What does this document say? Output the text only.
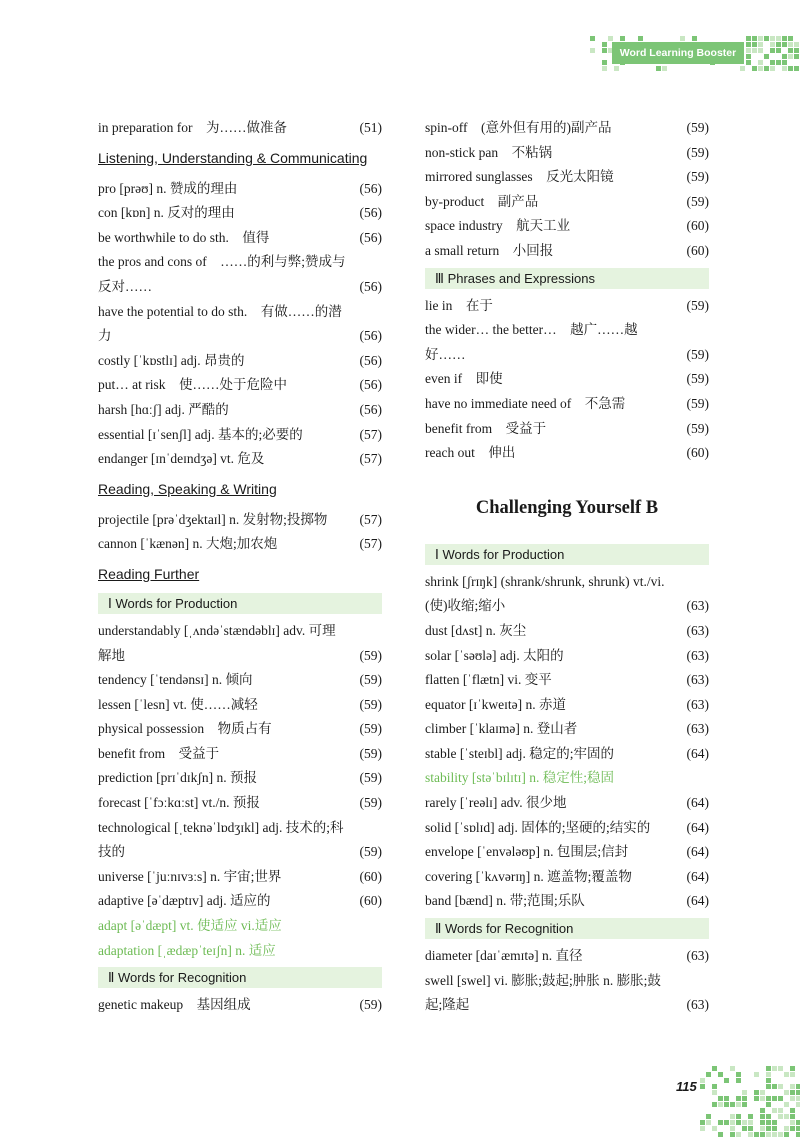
Word Learning Booster
in preparation for　为……做准备	(51)
Listening, Understanding & Communicating
pro [prəʊ] n. 赞成的理由	(56)
con [kɒn] n. 反对的理由	(56)
be worthwhile to do sth.　值得	(56)
the pros and cons of　……的利与弊;赞成与反对……	(56)
have the potential to do sth.　有做……的潜力	(56)
costly [ˈkɒstlɪ] adj. 昂贵的	(56)
put… at risk　使……处于危险中	(56)
harsh [hɑːʃ] adj. 严酷的	(56)
essential [ɪˈsenʃl] adj. 基本的;必要的	(57)
endanger [ɪnˈdeɪndʒə] vt. 危及	(57)
Reading, Speaking & Writing
projectile [prəˈdʒektaɪl] n. 发射物;投掷物 (57)
cannon [ˈkænən] n. 大炮;加农炮	(57)
Reading Further
Ⅰ Words for Production
understandably [ˌʌndəˈstændəblɪ] adv. 可理解地	(59)
tendency [ˈtendənsɪ] n. 倾向	(59)
lessen [ˈlesn] vt. 使……减轻	(59)
physical possession　物质占有	(59)
benefit from　受益于	(59)
prediction [prɪˈdɪkʃn] n. 预报	(59)
forecast [ˈfɔːkɑːst] vt./n. 预报	(59)
technological [ˌteknəˈlɒdʒɪkl] adj. 技术的;科技的	(59)
universe [ˈjuːnɪvɜːs] n. 宇宙;世界	(60)
adaptive [əˈdæptɪv] adj. 适应的	(60)
adapt [əˈdæpt] vt. 使适应 vi.适应
adaptation [ˌædæpˈteɪʃn] n. 适应
Ⅱ Words for Recognition
genetic makeup　基因组成	(59)
spin-off　(意外但有用的)副产品	(59)
non-stick pan　不粘锅	(59)
mirrored sunglasses　反光太阳镜	(59)
by-product　副产品	(59)
space industry　航天工业	(60)
a small return　小回报	(60)
Ⅲ Phrases and Expressions
lie in　在于	(59)
the wider… the better…　越广……越好……	(59)
even if　即使	(59)
have no immediate need of　不急需	(59)
benefit from　受益于	(59)
reach out　伸出	(60)
Challenging Yourself B
Ⅰ Words for Production
shrink [ʃrɪŋk] (shrank/shrunk, shrunk) vt./vi. (使)收缩;缩小	(63)
dust [dʌst] n. 灰尘	(63)
solar [ˈsəʊlə] adj. 太阳的	(63)
flatten [ˈflætn] vi. 变平	(63)
equator [ɪˈkweɪtə] n. 赤道	(63)
climber [ˈklaɪmə] n. 登山者	(63)
stable [ˈsteɪbl] adj. 稳定的;牢固的	(64)
stability [stəˈbɪlɪtɪ] n. 稳定性;稳固
rarely [ˈreəlɪ] adv. 很少地	(64)
solid [ˈsɒlɪd] adj. 固体的;坚硬的;结实的	(64)
envelope [ˈenvələʊp] n. 包围层;信封	(64)
covering [ˈkʌvərɪŋ] n. 遮盖物;覆盖物	(64)
band [bænd] n. 带;范围;乐队	(64)
Ⅱ Words for Recognition
diameter [daɪˈæmɪtə] n. 直径	(63)
swell [swel] vi. 膨胀;鼓起;肿胀 n. 膨胀;鼓起;隆起	(63)
115
